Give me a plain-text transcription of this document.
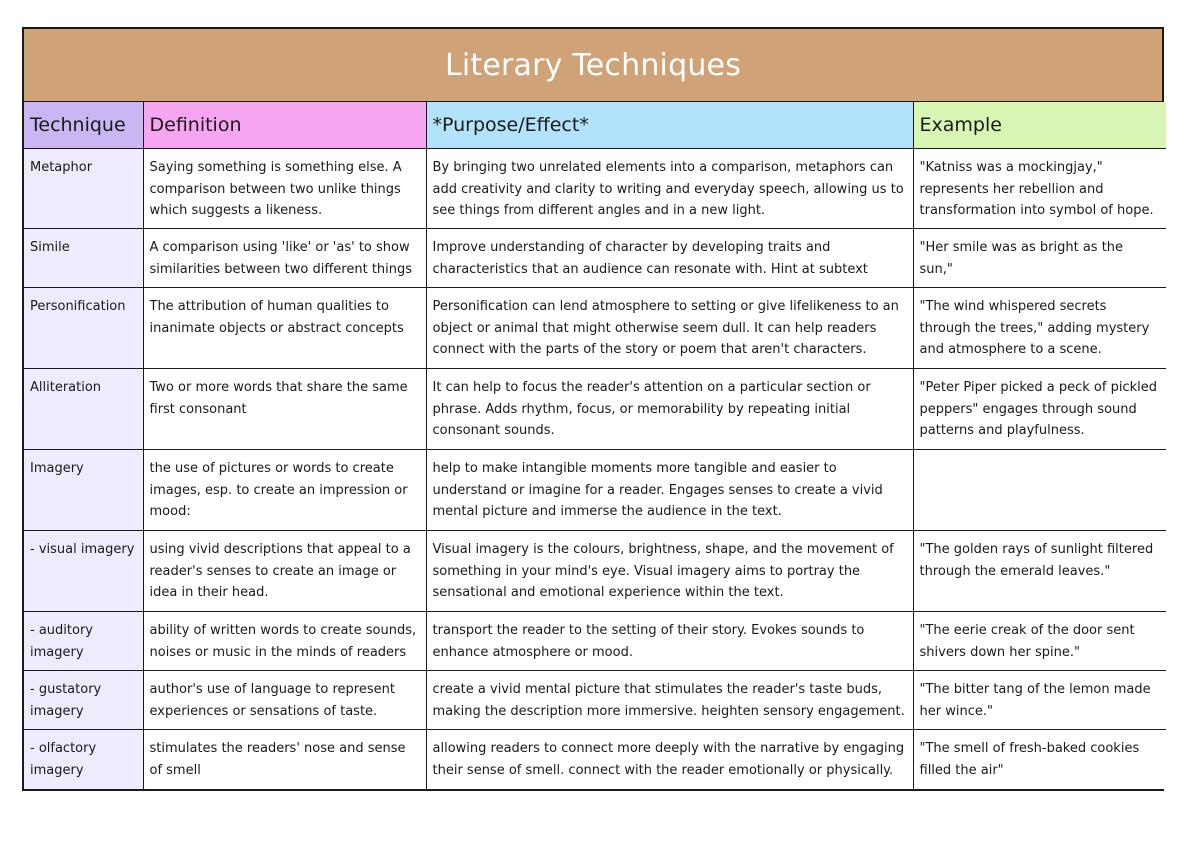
Literary Techniques
Technique	Definition	*Purpose/Effect*	Example
Metaphor	Saying something is something else. A comparison between two unlike things which suggests a likeness.	By bringing two unrelated elements into a comparison, metaphors can add creativity and clarity to writing and everyday speech, allowing us to see things from different angles and in a new light.	"Katniss was a mockingjay," represents her rebellion and transformation into symbol of hope.
Simile	A comparison using 'like' or 'as' to show similarities between two different things	Improve understanding of character by developing traits and characteristics that an audience can resonate with. Hint at subtext	"Her smile was as bright as the sun,"
Personification	The attribution of human qualities to inanimate objects or abstract concepts	Personification can lend atmosphere to setting or give lifelikeness to an object or animal that might otherwise seem dull. It can help readers connect with the parts of the story or poem that aren't characters.	"The wind whispered secrets through the trees," adding mystery and atmosphere to a scene.
Alliteration	Two or more words that share the same first consonant	It can help to focus the reader's attention on a particular section or phrase. Adds rhythm, focus, or memorability by repeating initial consonant sounds.	"Peter Piper picked a peck of pickled peppers" engages through sound patterns and playfulness.
Imagery	the use of pictures or words to create images, esp. to create an impression or mood:	help to make intangible moments more tangible and easier to understand or imagine for a reader. Engages senses to create a vivid mental picture and immerse the audience in the text.	
- visual imagery	using vivid descriptions that appeal to a reader's senses to create an image or idea in their head.	Visual imagery is the colours, brightness, shape, and the movement of something in your mind's eye. Visual imagery aims to portray the sensational and emotional experience within the text.	"The golden rays of sunlight filtered through the emerald leaves."
- auditory imagery	ability of written words to create sounds, noises or music in the minds of readers	transport the reader to the setting of their story. Evokes sounds to enhance atmosphere or mood.	"The eerie creak of the door sent shivers down her spine."
- gustatory imagery	author's use of language to represent experiences or sensations of taste.	create a vivid mental picture that stimulates the reader's taste buds, making the description more immersive. heighten sensory engagement.	"The bitter tang of the lemon made her wince."
- olfactory imagery	stimulates the readers' nose and sense of smell	allowing readers to connect more deeply with the narrative by engaging their sense of smell. connect with the reader emotionally or physically.	"The smell of fresh-baked cookies filled the air"
